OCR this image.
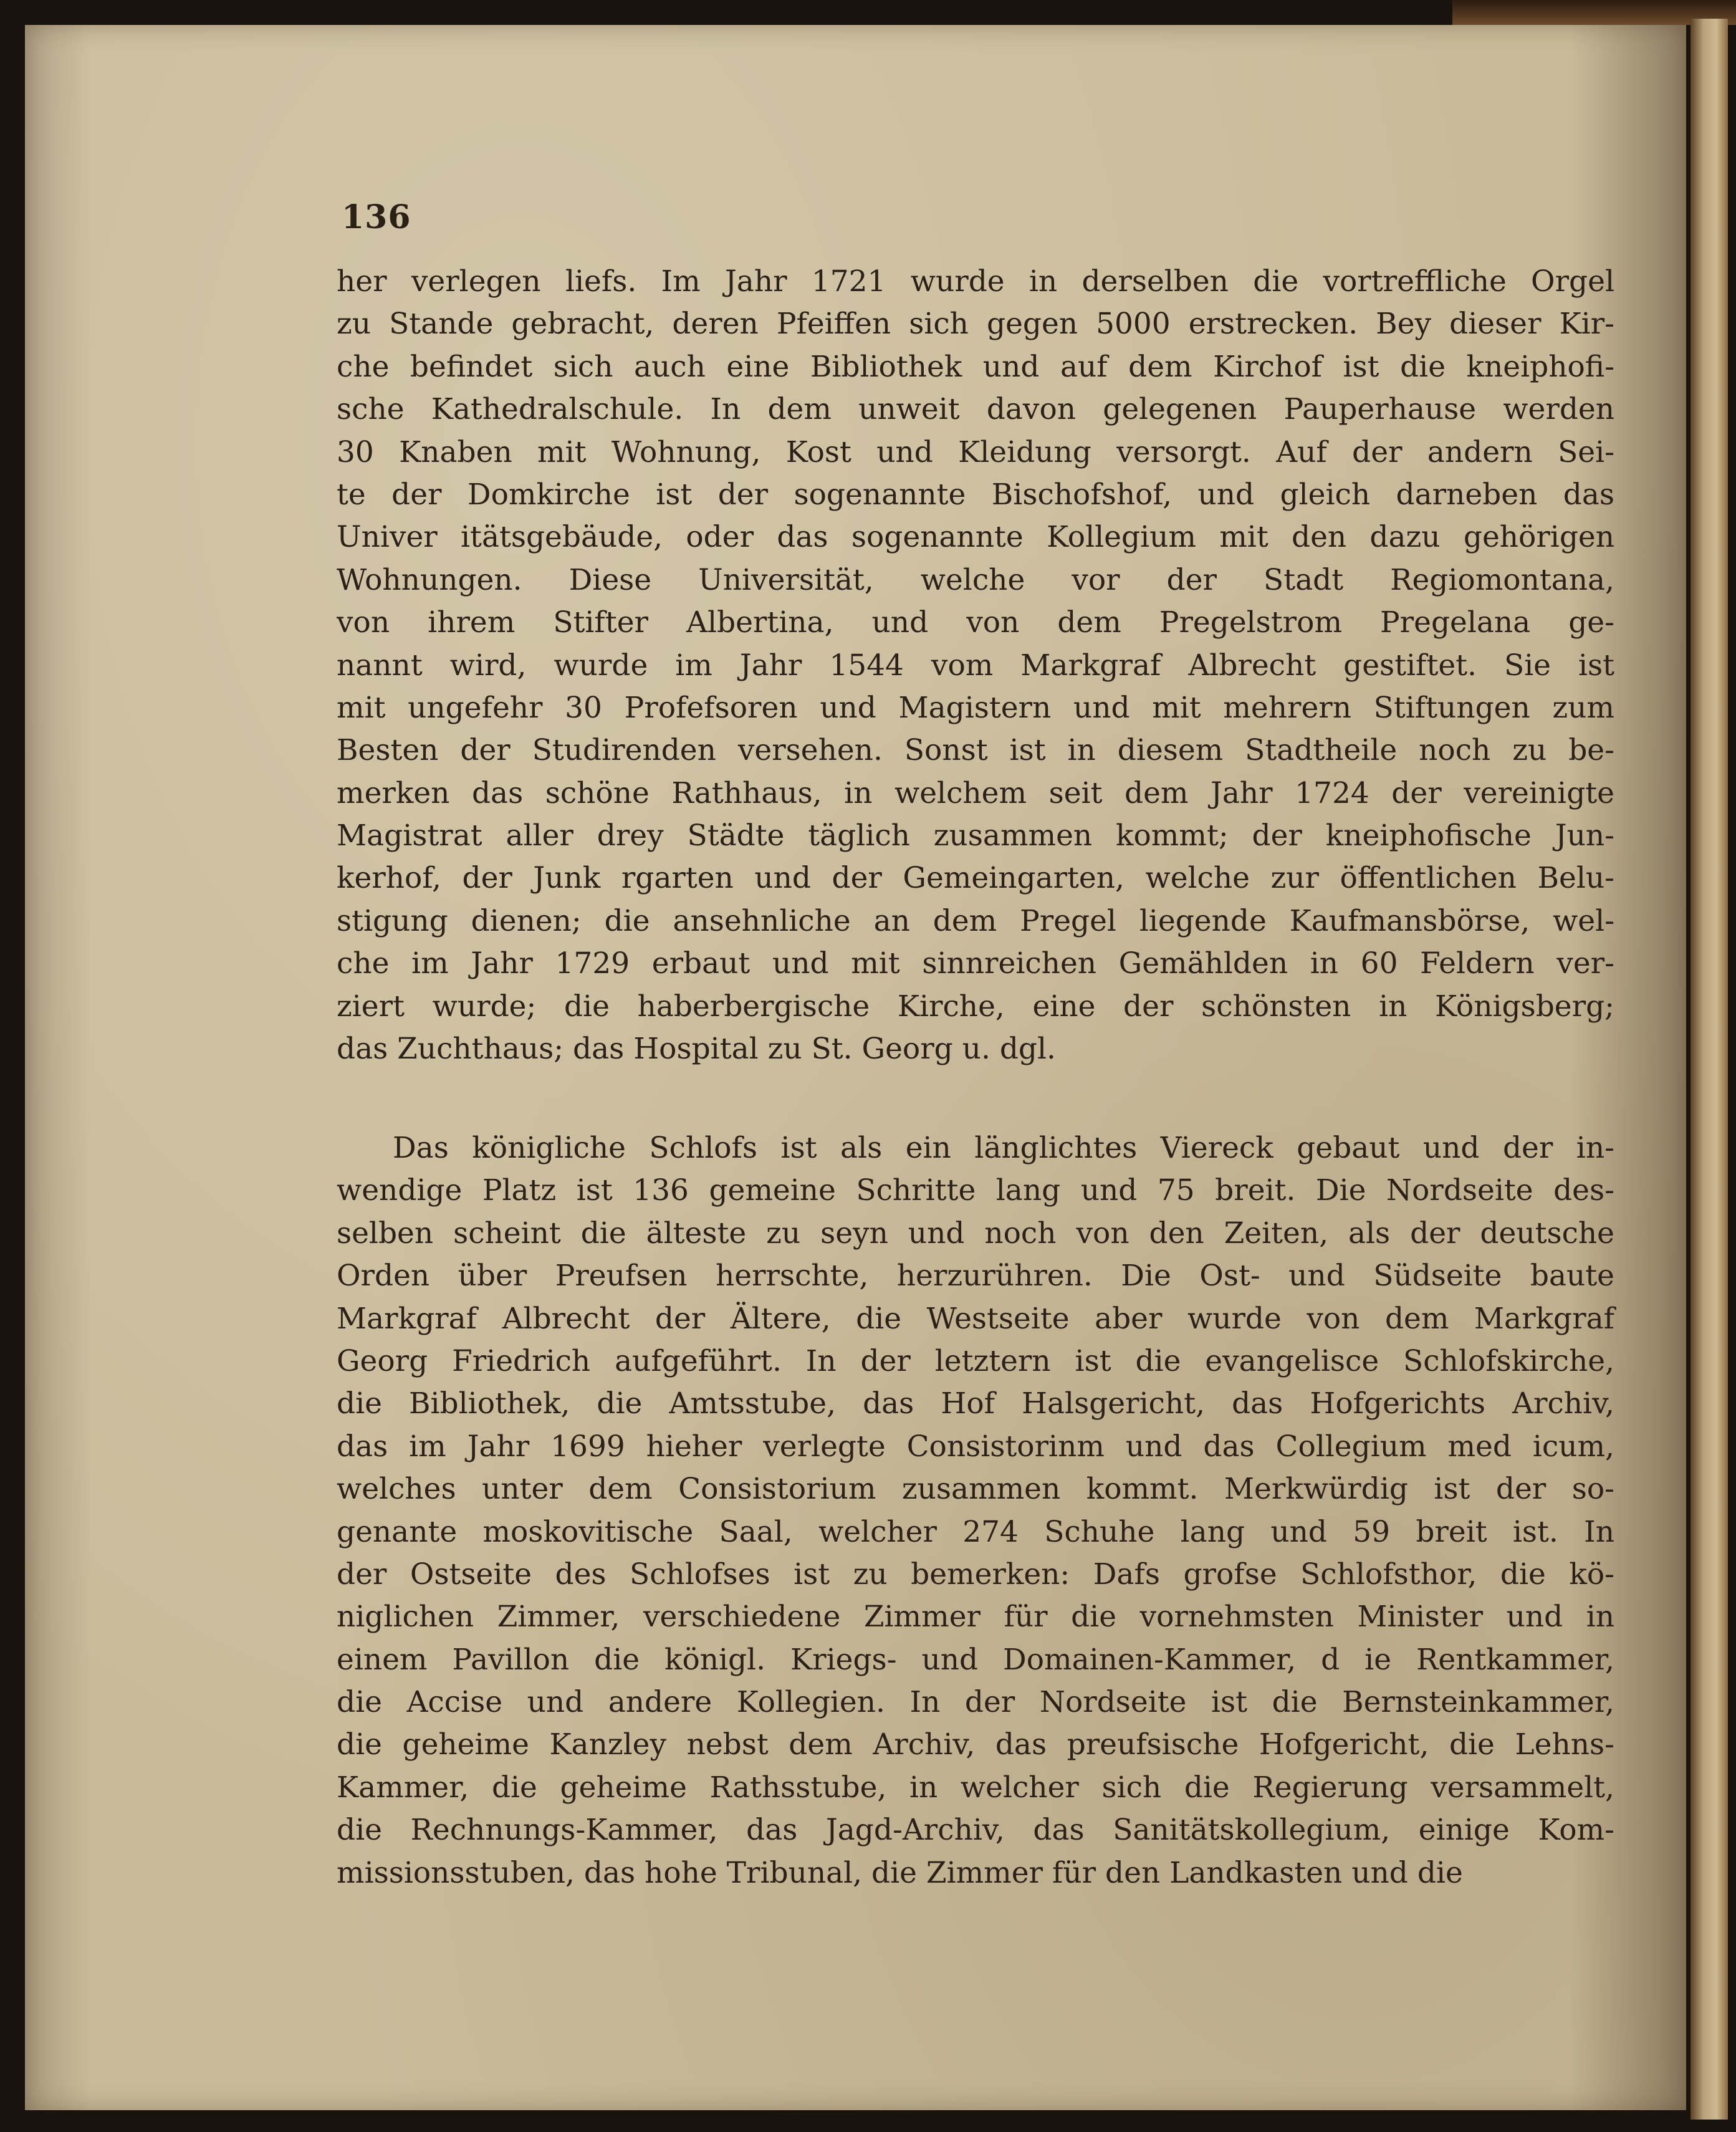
136
her verlegen liefs. Im Jahr 1721 wurde in derselben die vortreffliche Orgel
zu Stande gebracht, deren Pfeiffen sich gegen 5000 erstrecken. Bey dieser Kir-
che befindet sich auch eine Bibliothek und auf dem Kirchof ist die kneiphofi-
sche Kathedralschule. In dem unweit davon gelegenen Pauperhause werden
30 Knaben mit Wohnung, Kost und Kleidung versorgt. Auf der andern Sei-
te der Domkirche ist der sogenannte Bischofshof, und gleich darneben das
Univer itätsgebäude, oder das sogenannte Kollegium mit den dazu gehörigen
Wohnungen. Diese Universität, welche vor der Stadt Regiomontana,
von ihrem Stifter Albertina, und von dem Pregelstrom Pregelana ge-
nannt wird, wurde im Jahr 1544 vom Markgraf Albrecht gestiftet. Sie ist
mit ungefehr 30 Profefsoren und Magistern und mit mehrern Stiftungen zum
Besten der Studirenden versehen. Sonst ist in diesem Stadtheile noch zu be-
merken das schöne Rathhaus, in welchem seit dem Jahr 1724 der vereinigte
Magistrat aller drey Städte täglich zusammen kommt; der kneiphofische Jun-
kerhof, der Junk rgarten und der Gemeingarten, welche zur öffentlichen Belu-
stigung dienen; die ansehnliche an dem Pregel liegende Kaufmansbörse, wel-
che im Jahr 1729 erbaut und mit sinnreichen Gemählden in 60 Feldern ver-
ziert wurde; die haberbergische Kirche, eine der schönsten in Königsberg;
das Zuchthaus; das Hospital zu St. Georg u. dgl.
Das königliche Schlofs ist als ein länglichtes Viereck gebaut und der in-
wendige Platz ist 136 gemeine Schritte lang und 75 breit. Die Nordseite des-
selben scheint die älteste zu seyn und noch von den Zeiten, als der deutsche
Orden über Preufsen herrschte, herzurühren. Die Ost- und Südseite baute
Markgraf Albrecht der Ältere, die Westseite aber wurde von dem Markgraf
Georg Friedrich aufgeführt. In der letztern ist die evangelisce Schlofskirche,
die Bibliothek, die Amtsstube, das Hof Halsgericht, das Hofgerichts Archiv,
das im Jahr 1699 hieher verlegte Consistorinm und das Collegium med icum,
welches unter dem Consistorium zusammen kommt. Merkwürdig ist der so-
genante moskovitische Saal, welcher 274 Schuhe lang und 59 breit ist. In
der Ostseite des Schlofses ist zu bemerken: Dafs grofse Schlofsthor, die kö-
niglichen Zimmer, verschiedene Zimmer für die vornehmsten Minister und in
einem Pavillon die königl. Kriegs- und Domainen-Kammer, d ie Rentkammer,
die Accise und andere Kollegien. In der Nordseite ist die Bernsteinkammer,
die geheime Kanzley nebst dem Archiv, das preufsische Hofgericht, die Lehns-
Kammer, die geheime Rathsstube, in welcher sich die Regierung versammelt,
die Rechnungs-Kammer, das Jagd-Archiv, das Sanitätskollegium, einige Kom-
missionsstuben, das hohe Tribunal, die Zimmer für den Landkasten und die
